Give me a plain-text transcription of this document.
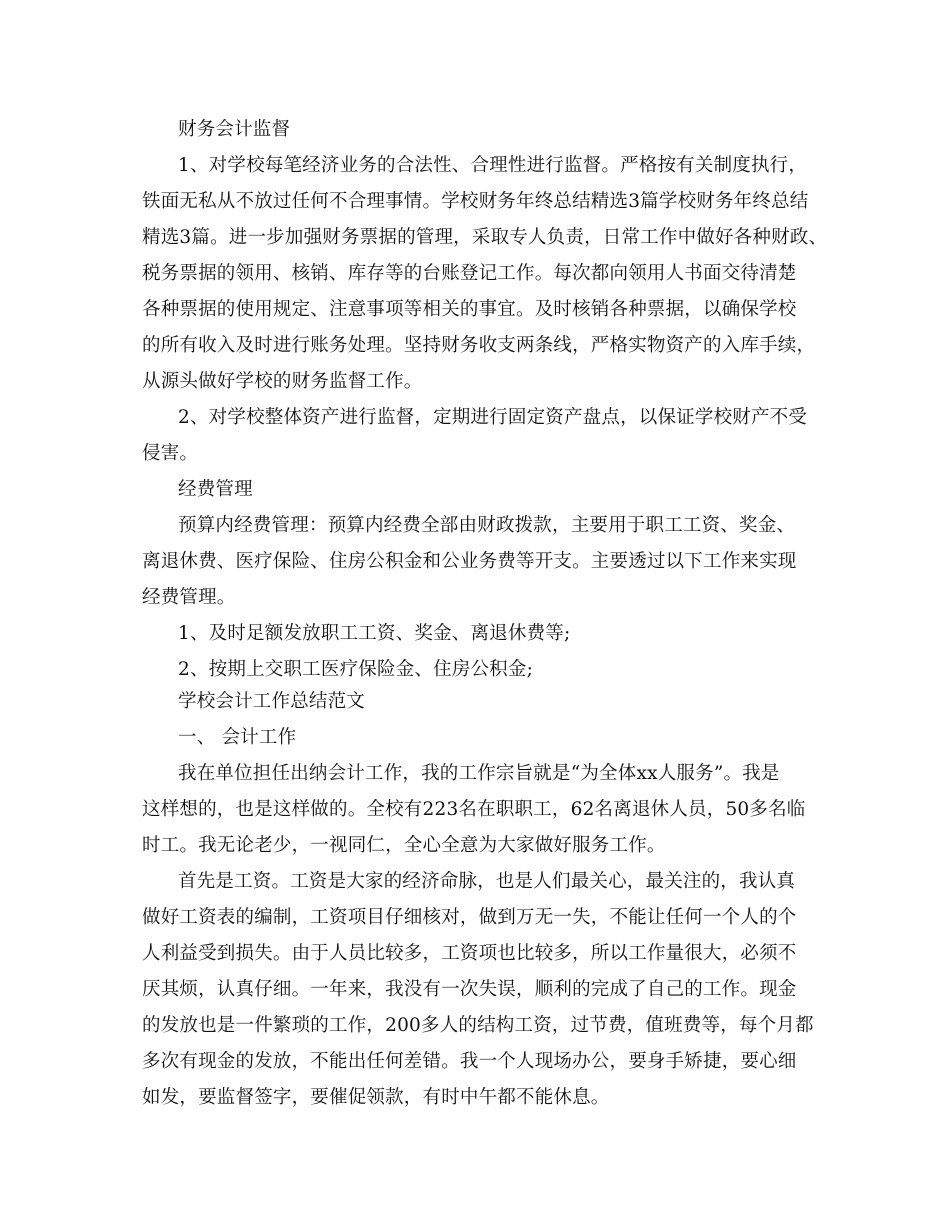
财务会计监督
1、对学校每笔经济业务的合法性、合理性进行监督。严格按有关制度执行，
铁面无私从不放过任何不合理事情。学校财务年终总结精选3篇学校财务年终总结
精选3篇。进一步加强财务票据的管理，采取专人负责，日常工作中做好各种财政、
税务票据的领用、核销、库存等的台账登记工作。每次都向领用人书面交待清楚
各种票据的使用规定、注意事项等相关的事宜。及时核销各种票据，以确保学校
的所有收入及时进行账务处理。坚持财务收支两条线，严格实物资产的入库手续，
从源头做好学校的财务监督工作。
2、对学校整体资产进行监督，定期进行固定资产盘点，以保证学校财产不受
侵害。
经费管理
预算内经费管理：预算内经费全部由财政拨款，主要用于职工工资、奖金、
离退休费、医疗保险、住房公积金和公业务费等开支。主要透过以下工作来实现
经费管理。
1、及时足额发放职工工资、奖金、离退休费等;
2、按期上交职工医疗保险金、住房公积金;
学校会计工作总结范文
一、 会计工作
我在单位担任出纳会计工作，我的工作宗旨就是“为全体xx人服务”。我是
这样想的，也是这样做的。全校有223名在职职工，62名离退休人员，50多名临
时工。我无论老少，一视同仁，全心全意为大家做好服务工作。
首先是工资。工资是大家的经济命脉，也是人们最关心，最关注的，我认真
做好工资表的编制，工资项目仔细核对，做到万无一失，不能让任何一个人的个
人利益受到损失。由于人员比较多，工资项也比较多，所以工作量很大，必须不
厌其烦，认真仔细。一年来，我没有一次失误，顺利的完成了自己的工作。现金
的发放也是一件繁琐的工作，200多人的结构工资，过节费，值班费等，每个月都
多次有现金的发放，不能出任何差错。我一个人现场办公，要身手矫捷，要心细
如发，要监督签字，要催促领款，有时中午都不能休息。
